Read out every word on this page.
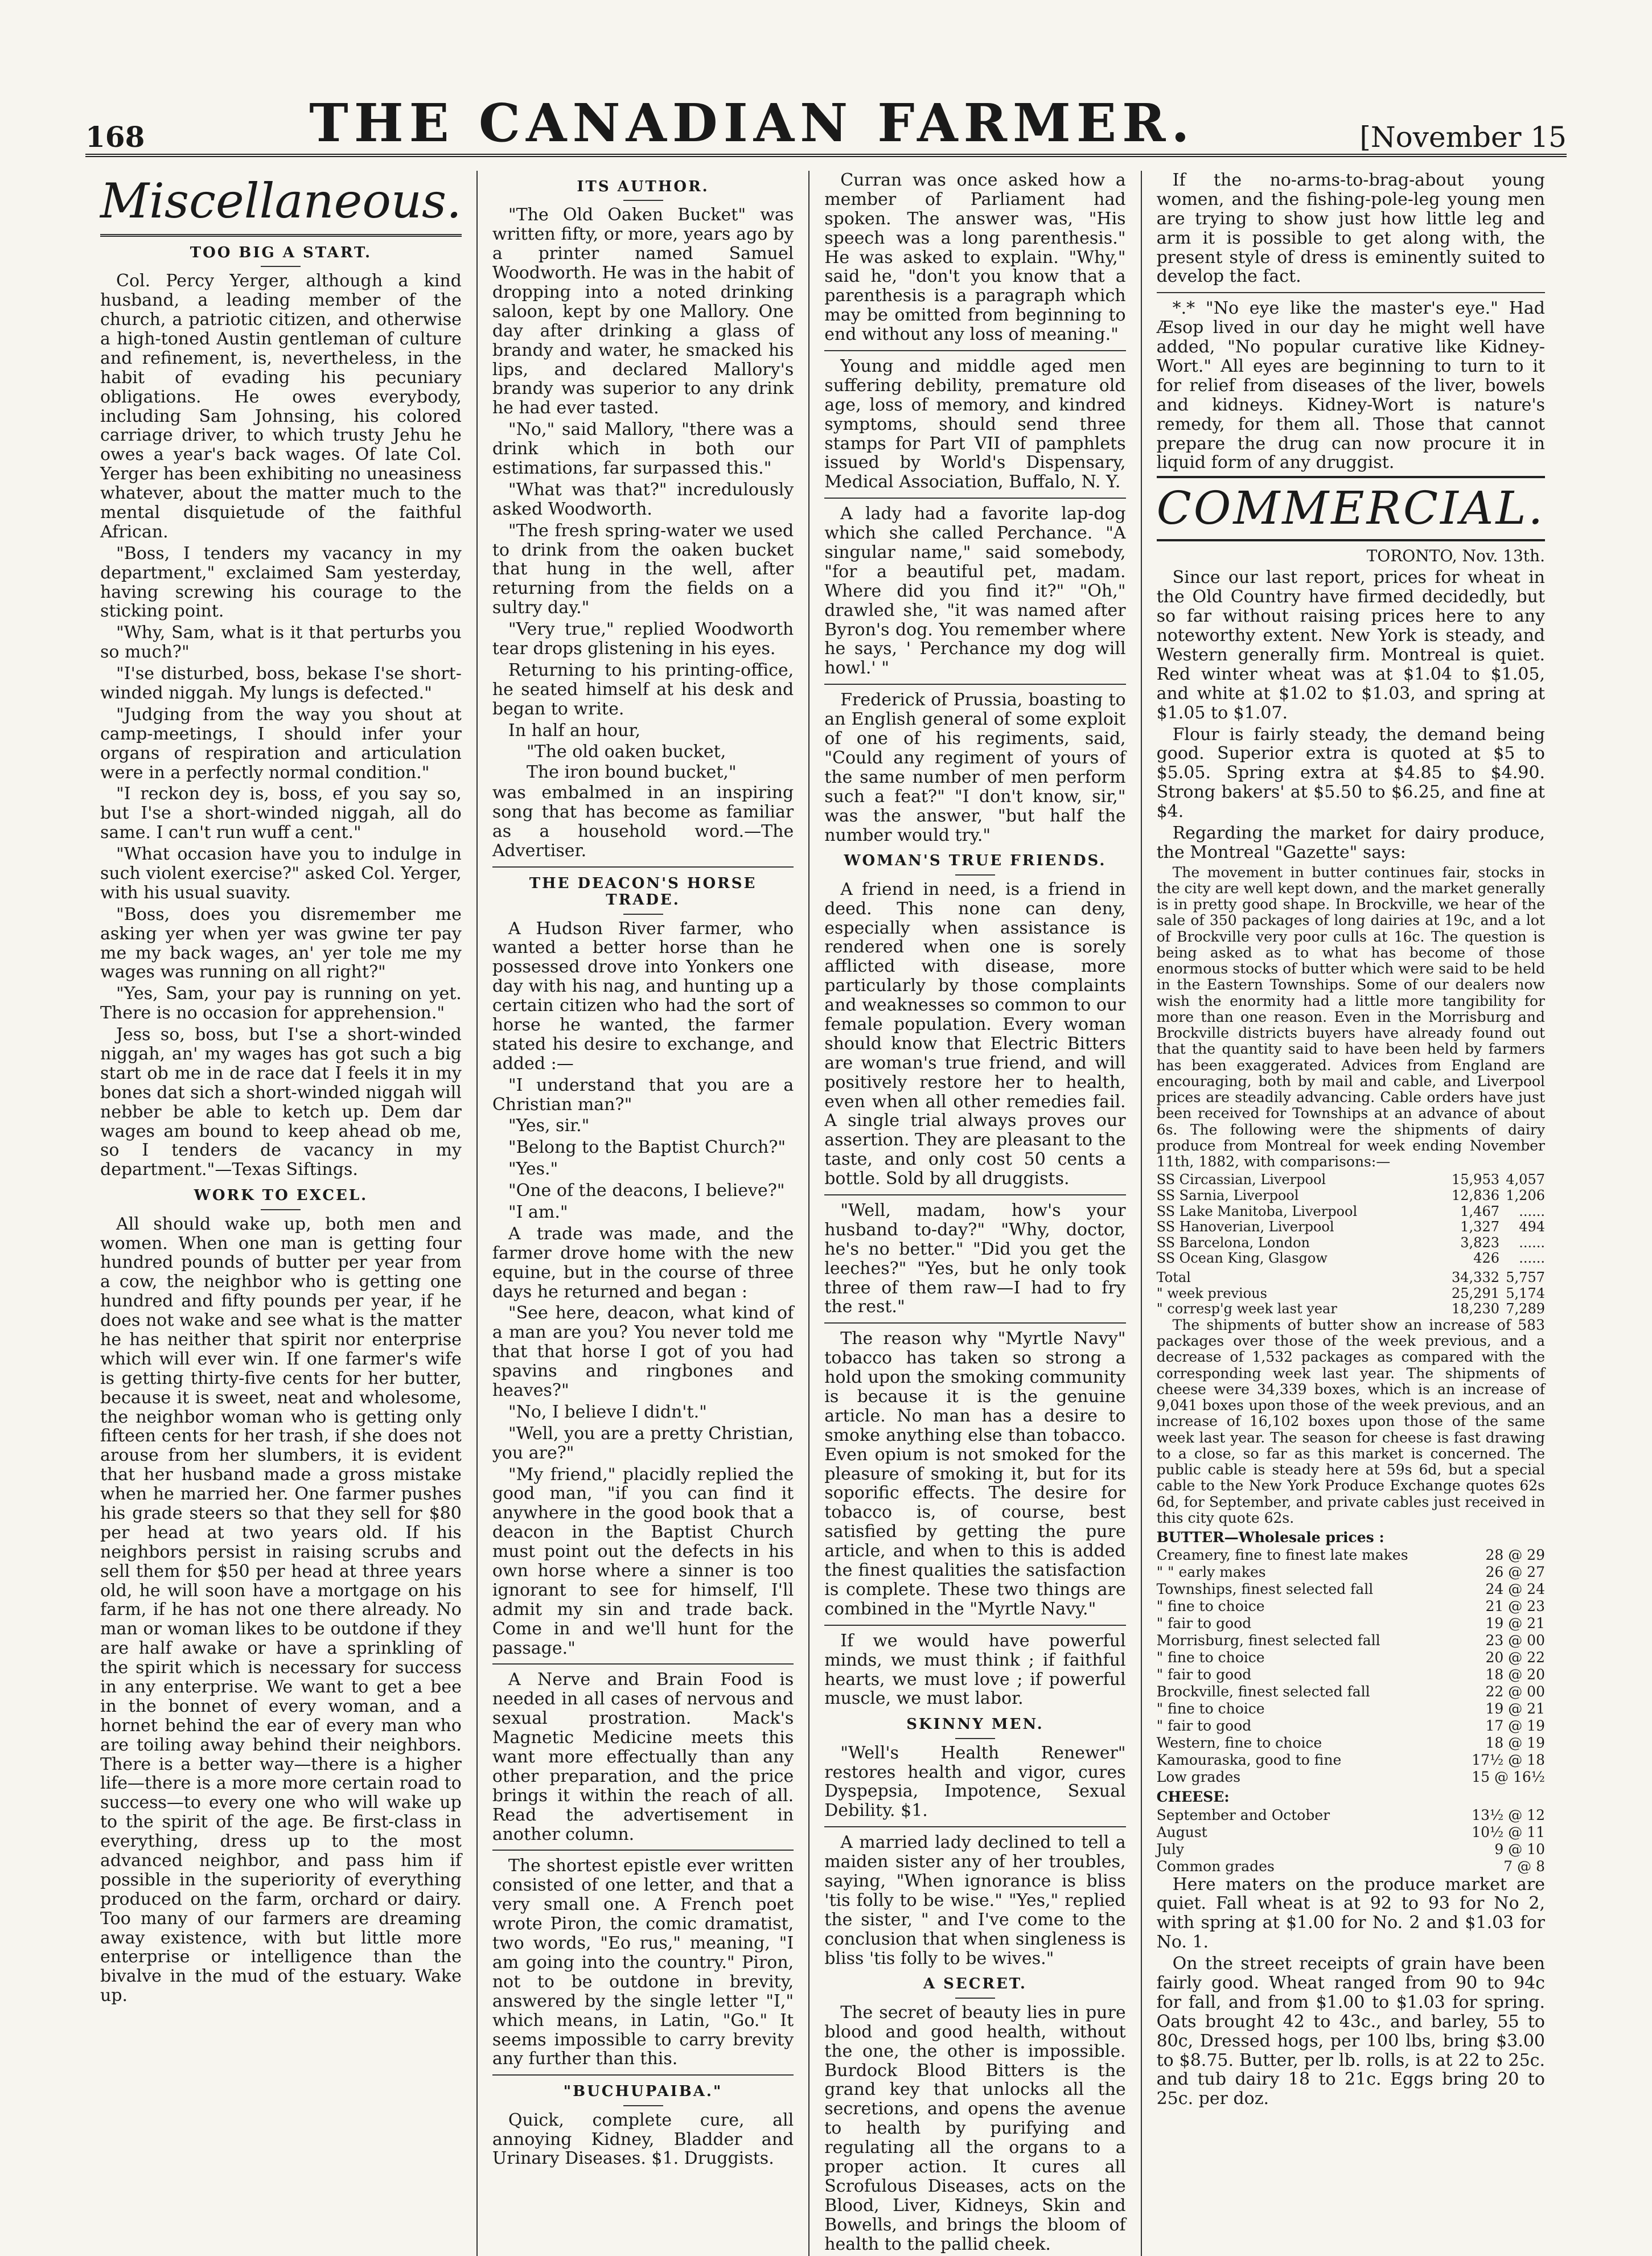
168	THE CANADIAN FARMER.	[November 15
Miscellaneous.
TOO BIG A START.

Col. Percy Yerger, although a kind husband, a leading member of the church, a patriotic citizen, and otherwise a high-toned Austin gentleman of culture and refinement, is, nevertheless, in the habit of evading his pecuniary obligations. He owes everybody, including Sam Johnsing, his colored carriage driver, to which trusty Jehu he owes a year's back wages. Of late Col. Yerger has been exhibiting no uneasiness whatever, about the matter much to the mental disquietude of the faithful African.

"Boss, I tenders my vacancy in my department," exclaimed Sam yesterday, having screwing his courage to the sticking point.

"Why, Sam, what is it that perturbs you so much?"

"I'se disturbed, boss, bekase I'se short-winded niggah. My lungs is defected."

"Judging from the way you shout at camp-meetings, I should infer your organs of respiration and articulation were in a perfectly normal condition."

"I reckon dey is, boss, ef you say so, but I'se a short-winded niggah, all do same. I can't run wuff a cent."

"What occasion have you to indulge in such violent exercise?" asked Col. Yerger, with his usual suavity.

"Boss, does you disremember me asking yer when yer was gwine ter pay me my back wages, an' yer tole me my wages was running on all right?"

"Yes, Sam, your pay is running on yet. There is no occasion for apprehension."

Jess so, boss, but I'se a short-winded niggah, an' my wages has got such a big start ob me in de race dat I feels it in my bones dat sich a short-winded niggah will nebber be able to ketch up. Dem dar wages am bound to keep ahead ob me, so I tenders de vacancy in my department."—Texas Siftings.

WORK TO EXCEL.

All should wake up, both men and women. When one man is getting four hundred pounds of butter per year from a cow, the neighbor who is getting one hundred and fifty pounds per year, if he does not wake and see what is the matter he has neither that spirit nor enterprise which will ever win. If one farmer's wife is getting thirty-five cents for her butter, because it is sweet, neat and wholesome, the neighbor woman who is getting only fifteen cents for her trash, if she does not arouse from her slumbers, it is evident that her husband made a gross mistake when he married her. One farmer pushes his grade steers so that they sell for $80 per head at two years old. If his neighbors persist in raising scrubs and sell them for $50 per head at three years old, he will soon have a mortgage on his farm, if he has not one there already. No man or woman likes to be outdone if they are half awake or have a sprinkling of the spirit which is necessary for success in any enterprise. We want to get a bee in the bonnet of every woman, and a hornet behind the ear of every man who are toiling away behind their neighbors. There is a better way—there is a higher life—there is a more more certain road to success—to every one who will wake up to the spirit of the age. Be first-class in everything, dress up to the most advanced neighbor, and pass him if possible in the superiority of everything produced on the farm, orchard or dairy. Too many of our farmers are dreaming away existence, with but little more enterprise or intelligence than the bivalve in the mud of the estuary. Wake up.

ITS AUTHOR.

"The Old Oaken Bucket" was written fifty, or more, years ago by a printer named Samuel Woodworth. He was in the habit of dropping into a noted drinking saloon, kept by one Mallory. One day after drinking a glass of brandy and water, he smacked his lips, and declared Mallory's brandy was superior to any drink he had ever tasted.

"No," said Mallory, "there was a drink which in both our estimations, far surpassed this."

"What was that?" incredulously asked Woodworth.

"The fresh spring-water we used to drink from the oaken bucket that hung in the well, after returning from the fields on a sultry day."

"Very true," replied Woodworth tear drops glistening in his eyes.

Returning to his printing-office, he seated himself at his desk and began to write.

In half an hour,

"The old oaken bucket,

The iron bound bucket,"

was embalmed in an inspiring song that has become as familiar as a household word.—The Advertiser.

THE DEACON'S HORSE TRADE.

A Hudson River farmer, who wanted a better horse than he possessed drove into Yonkers one day with his nag, and hunting up a certain citizen who had the sort of horse he wanted, the farmer stated his desire to exchange, and added :—

"I understand that you are a Christian man?"

"Yes, sir."

"Belong to the Baptist Church?"

"Yes."

"One of the deacons, I believe?"

"I am."

A trade was made, and the farmer drove home with the new equine, but in the course of three days he returned and began :

"See here, deacon, what kind of a man are you? You never told me that that horse I got of you had spavins and ringbones and heaves?"

"No, I believe I didn't."

"Well, you are a pretty Christian, you are?"

"My friend," placidly replied the good man, "if you can find it anywhere in the good book that a deacon in the Baptist Church must point out the defects in his own horse where a sinner is too ignorant to see for himself, I'll admit my sin and trade back. Come in and we'll hunt for the passage."

A Nerve and Brain Food is needed in all cases of nervous and sexual prostration. Mack's Magnetic Medicine meets this want more effectually than any other preparation, and the price brings it within the reach of all. Read the advertisement in another column.

The shortest epistle ever written consisted of one letter, and that a very small one. A French poet wrote Piron, the comic dramatist, two words, "Eo rus," meaning, "I am going into the country." Piron, not to be outdone in brevity, answered by the single letter "I," which means, in Latin, "Go." It seems impossible to carry brevity any further than this.

"BUCHUPAIBA."

Quick, complete cure, all annoying Kidney, Bladder and Urinary Diseases. $1. Druggists.

Curran was once asked how a member of Parliament had spoken. The answer was, "His speech was a long parenthesis." He was asked to explain. "Why," said he, "don't you know that a parenthesis is a paragraph which may be omitted from beginning to end without any loss of meaning."

Young and middle aged men suffering debility, premature old age, loss of memory, and kindred symptoms, should send three stamps for Part VII of pamphlets issued by World's Dispensary, Medical Association, Buffalo, N. Y.

A lady had a favorite lap-dog which she called Perchance. "A singular name," said somebody, "for a beautiful pet, madam. Where did you find it?" "Oh," drawled she, "it was named after Byron's dog. You remember where he says, ' Perchance my dog will howl.' "

Frederick of Prussia, boasting to an English general of some exploit of one of his regiments, said, "Could any regiment of yours of the same number of men perform such a feat?" "I don't know, sir," was the answer, "but half the number would try."

WOMAN'S TRUE FRIENDS.

A friend in need, is a friend in deed. This none can deny, especially when assistance is rendered when one is sorely afflicted with disease, more particularly by those complaints and weaknesses so common to our female population. Every woman should know that Electric Bitters are woman's true friend, and will positively restore her to health, even when all other remedies fail. A single trial always proves our assertion. They are pleasant to the taste, and only cost 50 cents a bottle. Sold by all druggists.

"Well, madam, how's your husband to-day?" "Why, doctor, he's no better." "Did you get the leeches?" "Yes, but he only took three of them raw—I had to fry the rest."

The reason why "Myrtle Navy" tobacco has taken so strong a hold upon the smoking community is because it is the genuine article. No man has a desire to smoke anything else than tobacco. Even opium is not smoked for the pleasure of smoking it, but for its soporific effects. The desire for tobacco is, of course, best satisfied by getting the pure article, and when to this is added the finest qualities the satisfaction is complete. These two things are combined in the "Myrtle Navy."

If we would have powerful minds, we must think ; if faithful hearts, we must love ; if powerful muscle, we must labor.

SKINNY MEN.

"Well's Health Renewer" restores health and vigor, cures Dyspepsia, Impotence, Sexual Debility. $1.

A married lady declined to tell a maiden sister any of her troubles, saying, "When ignorance is bliss 'tis folly to be wise." "Yes," replied the sister, " and I've come to the conclusion that when singleness is bliss 'tis folly to be wives."

A SECRET.

The secret of beauty lies in pure blood and good health, without the one, the other is impossible. Burdock Blood Bitters is the grand key that unlocks all the secretions, and opens the avenue to health by purifying and regulating all the organs to a proper action. It cures all Scrofulous Diseases, acts on the Blood, Liver, Kidneys, Skin and Bowells, and brings the bloom of health to the pallid cheek.

If the no-arms-to-brag-about young women, and the fishing-pole-leg young men are trying to show just how little leg and arm it is possible to get along with, the present style of dress is eminently suited to develop the fact.

*.* "No eye like the master's eye." Had Æsop lived in our day he might well have added, "No popular curative like Kidney-Wort." All eyes are beginning to turn to it for relief from diseases of the liver, bowels and kidneys. Kidney-Wort is nature's remedy, for them all. Those that cannot prepare the drug can now procure it in liquid form of any druggist.

COMMERCIAL.

TORONTO, Nov. 13th.

Since our last report, prices for wheat in the Old Country have firmed decidedly, but so far without raising prices here to any noteworthy extent. New York is steady, and Western generally firm. Montreal is quiet. Red winter wheat was at $1.04 to $1.05, and white at $1.02 to $1.03, and spring at $1.05 to $1.07.

Flour is fairly steady, the demand being good. Superior extra is quoted at $5 to $5.05. Spring extra at $4.85 to $4.90. Strong bakers' at $5.50 to $6.25, and fine at $4.

Regarding the market for dairy produce, the Montreal "Gazette" says:

The movement in butter continues fair, stocks in the city are well kept down, and the market generally is in pretty good shape. In Brockville, we hear of the sale of 350 packages of long dairies at 19c, and a lot of Brockville very poor culls at 16c. The question is being asked as to what has become of those enormous stocks of butter which were said to be held in the Eastern Townships. Some of our dealers now wish the enormity had a little more tangibility for more than one reason. Even in the Morrisburg and Brockville districts buyers have already found out that the quantity said to have been held by farmers has been exaggerated. Advices from England are encouraging, both by mail and cable, and Liverpool prices are steadily advancing. Cable orders have just been received for Townships at an advance of about 6s. The following were the shipments of dairy produce from Montreal for week ending November 11th, 1882, with comparisons:—

SS Circassian, Liverpool	15,953	4,057
SS Sarnia, Liverpool	12,836	1,206
SS Lake Manitoba, Liverpool	1,467	......
SS Hanoverian, Liverpool	1,327	494
SS Barcelona, London	3,823	......
SS Ocean King, Glasgow	426	......
Total	34,332	5,757
" week previous	25,291	5,174
" corresp'g week last year	18,230	7,289

The shipments of butter show an increase of 583 packages over those of the week previous, and a decrease of 1,532 packages as compared with the corresponding week last year. The shipments of cheese were 34,339 boxes, which is an increase of 9,041 boxes upon those of the week previous, and an increase of 16,102 boxes upon those of the same week last year. The season for cheese is fast drawing to a close, so far as this market is concerned. The public cable is steady here at 59s 6d, but a special cable to the New York Produce Exchange quotes 62s 6d, for September, and private cables just received in this city quote 62s.

BUTTER—Wholesale prices :

Creamery, fine to finest late makes	28 @ 29
" " early makes	26 @ 27
Townships, finest selected fall	24 @ 24
" fine to choice	21 @ 23
" fair to good	19 @ 21
Morrisburg, finest selected fall	23 @ 00
" fine to choice	20 @ 22
" fair to good	18 @ 20
Brockville, finest selected fall	22 @ 00
" fine to choice	19 @ 21
" fair to good	17 @ 19
Western, fine to choice	18 @ 19
Kamouraska, good to fine	17½ @ 18
Low grades	15 @ 16½

CHEESE:

September and October	13½ @ 12
August	10½ @ 11
July	9 @ 10
Common grades	7 @ 8

Here maters on the produce market are quiet. Fall wheat is at 92 to 93 for No 2, with spring at $1.00 for No. 2 and $1.03 for No. 1.

On the street receipts of grain have been fairly good. Wheat ranged from 90 to 94c for fall, and from $1.00 to $1.03 for spring. Oats brought 42 to 43c., and barley, 55 to 80c, Dressed hogs, per 100 lbs, bring $3.00 to $8.75. Butter, per lb. rolls, is at 22 to 25c. and tub dairy 18 to 21c. Eggs bring 20 to 25c. per doz.
